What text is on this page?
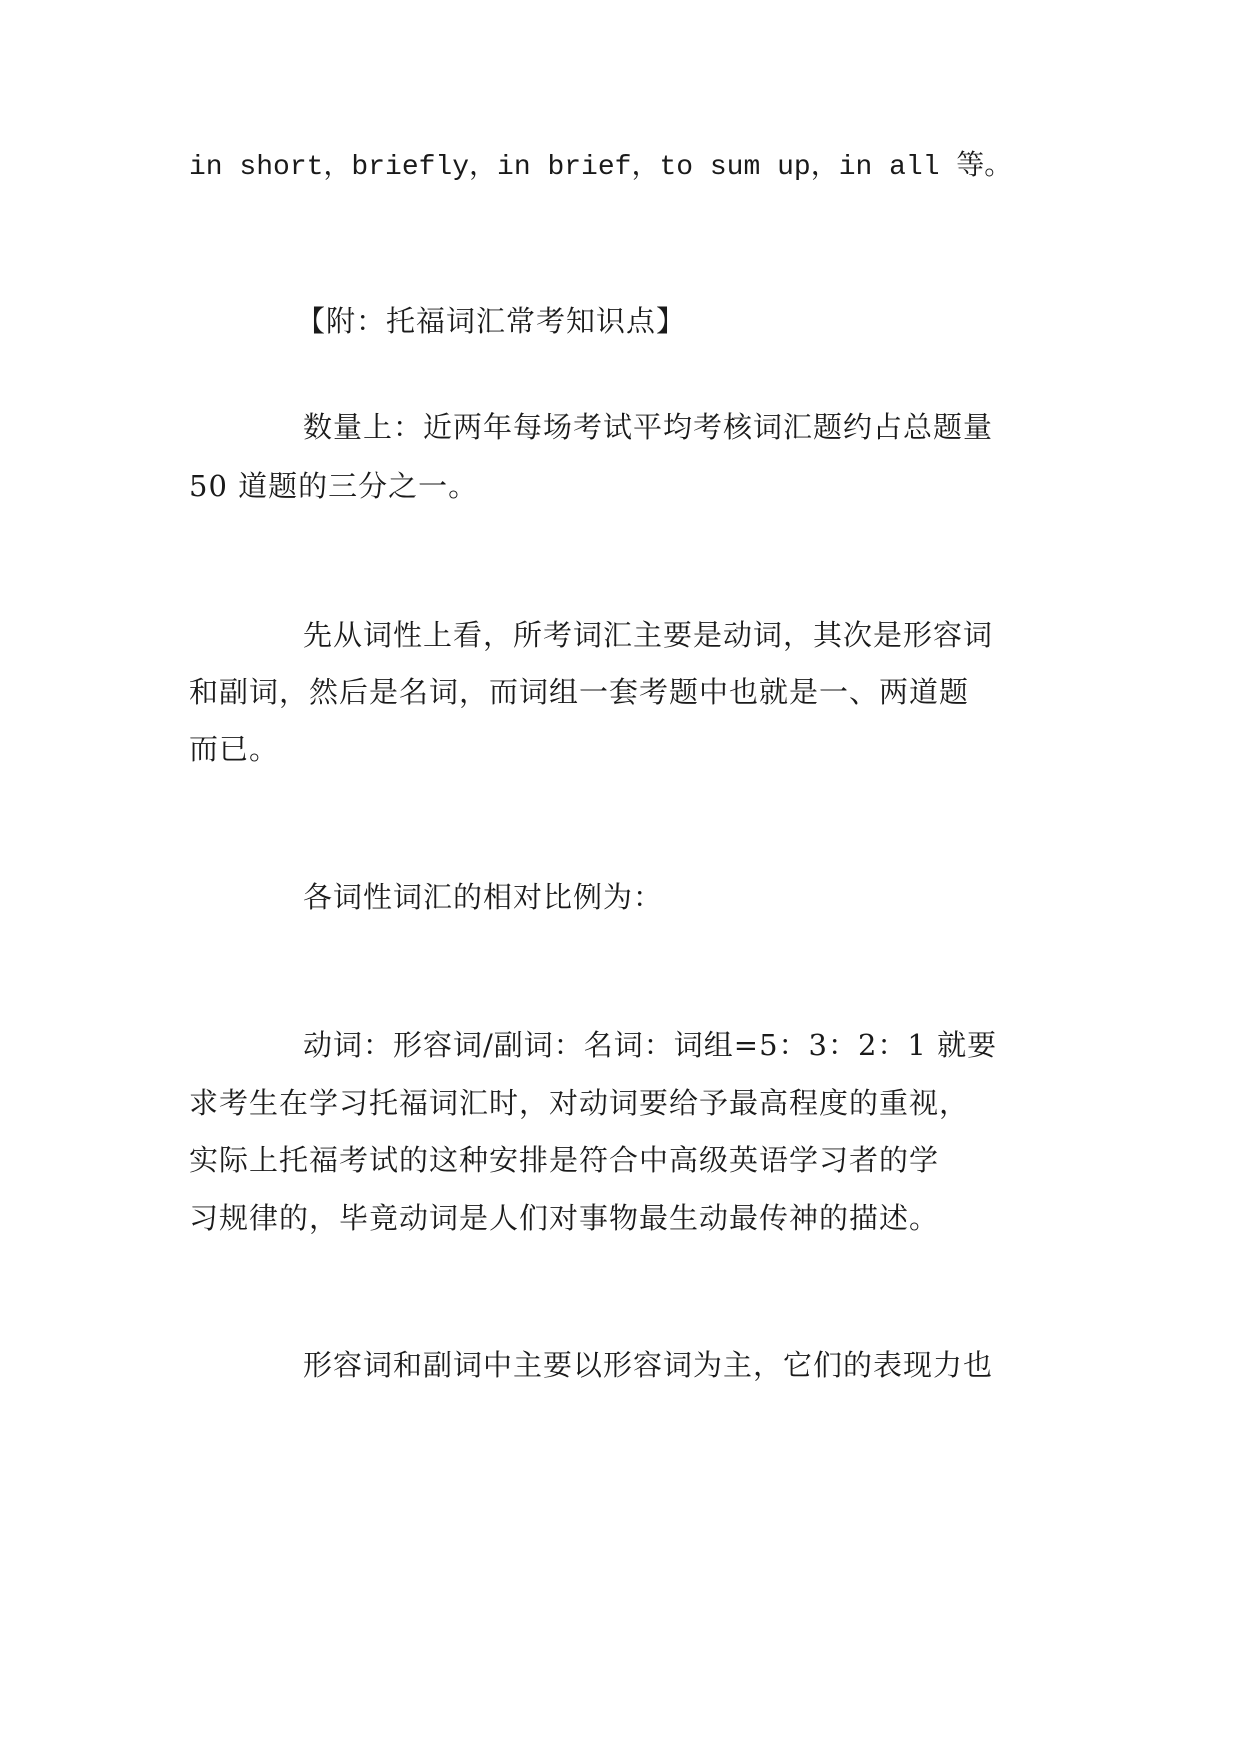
in short，briefly，in brief，to sum up，in all 等。

【附：托福词汇常考知识点】

数量上：近两年每场考试平均考核词汇题约占总题量

50 道题的三分之一。

先从词性上看，所考词汇主要是动词，其次是形容词

和副词，然后是名词，而词组一套考题中也就是一、两道题

而已。

各词性词汇的相对比例为：

动词：形容词/副词：名词：词组=5：3：2：1 就要

求考生在学习托福词汇时，对动词要给予最高程度的重视，

实际上托福考试的这种安排是符合中高级英语学习者的学

习规律的，毕竟动词是人们对事物最生动最传神的描述。

形容词和副词中主要以形容词为主，它们的表现力也
